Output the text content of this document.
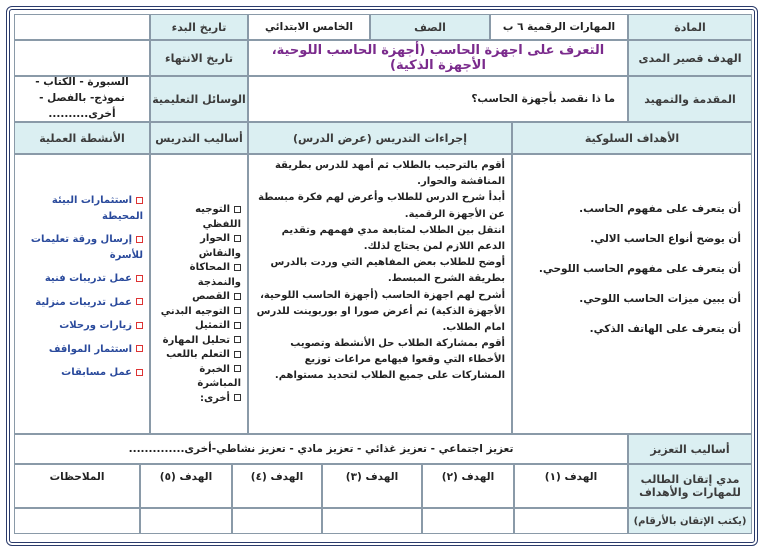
المادة
المهارات الرقمية ٦ ب
الصف
الخامس الابتدائي
تاريخ البدء
الهدف قصير المدى
التعرف على اجهزة الحاسب (أجهزة الحاسب اللوحية، الأجهزة الذكية)
تاريخ الانتهاء
المقدمة والتمهيد
ما ذا نقصد بأجهزة الحاسب؟
الوسائل التعليمية
السبورة - الكتاب - نموذج- بالفصل - أخرى..........
الأهداف السلوكية
إجراءات التدريس (عرض الدرس)
أساليب التدريس
الأنشطة العملية

أن يتعرف على مفهوم الحاسب.

أن يوضح أنواع الحاسب الالي.

أن يتعرف على مفهوم الحاسب اللوحي.

أن يبين ميزات الحاسب اللوحي.

أن يتعرف على الهاتف الذكي.

أقوم بالترحيب بالطلاب ثم أمهد للدرس بطريقة المناقشة والحوار.

أبدأ شرح الدرس للطلاب وأعرض لهم فكرة مبسطة عن الأجهزة الرقمية.

انتقل بين الطلاب لمتابعة مدي فهمهم وتقديم الدعم اللازم لمن يحتاج لذلك.

أوضح للطلاب بعض المفاهيم التي وردت بالدرس بطريقة الشرح المبسط.

أشرح لهم اجهزة الحاسب (أجهزة الحاسب اللوحية، الأجهزة الذكية) ثم أعرض صورا او بوربوينت للدرس امام الطلاب.

أقوم بمشاركة الطلاب حل الأنشطة وتصويب الأخطاء التي وقعوا فيهامع مراعات توزيع المشاركات على جميع الطلاب لتحديد مستواهم.

التوجيه اللفظي

الحوار والنقاش

المحاكاة والنمذجة

القصص

التوجيه البدني

التمثيل

تحليل المهارة

التعلم باللعب

الخبرة المباشرة

أخرى:

استثمارات البيئة المحيطة

إرسال ورقة تعليمات للأسرة

عمل تدريبات فنية

عمل تدريبات منزلية

زيارات ورحلات

استثمار المواقف

عمل مسابقات

أساليب التعزيز
تعزيز اجتماعي - تعزيز غذائي - تعزيز مادي - تعزيز نشاطي-أخرى..............
مدي إتقان الطالب للمهارات والأهداف
الهدف (١)
الهدف (٢)
الهدف (٣)
الهدف (٤)
الهدف (٥)
الملاحظات
(يكتب الإتقان بالأرقام)
